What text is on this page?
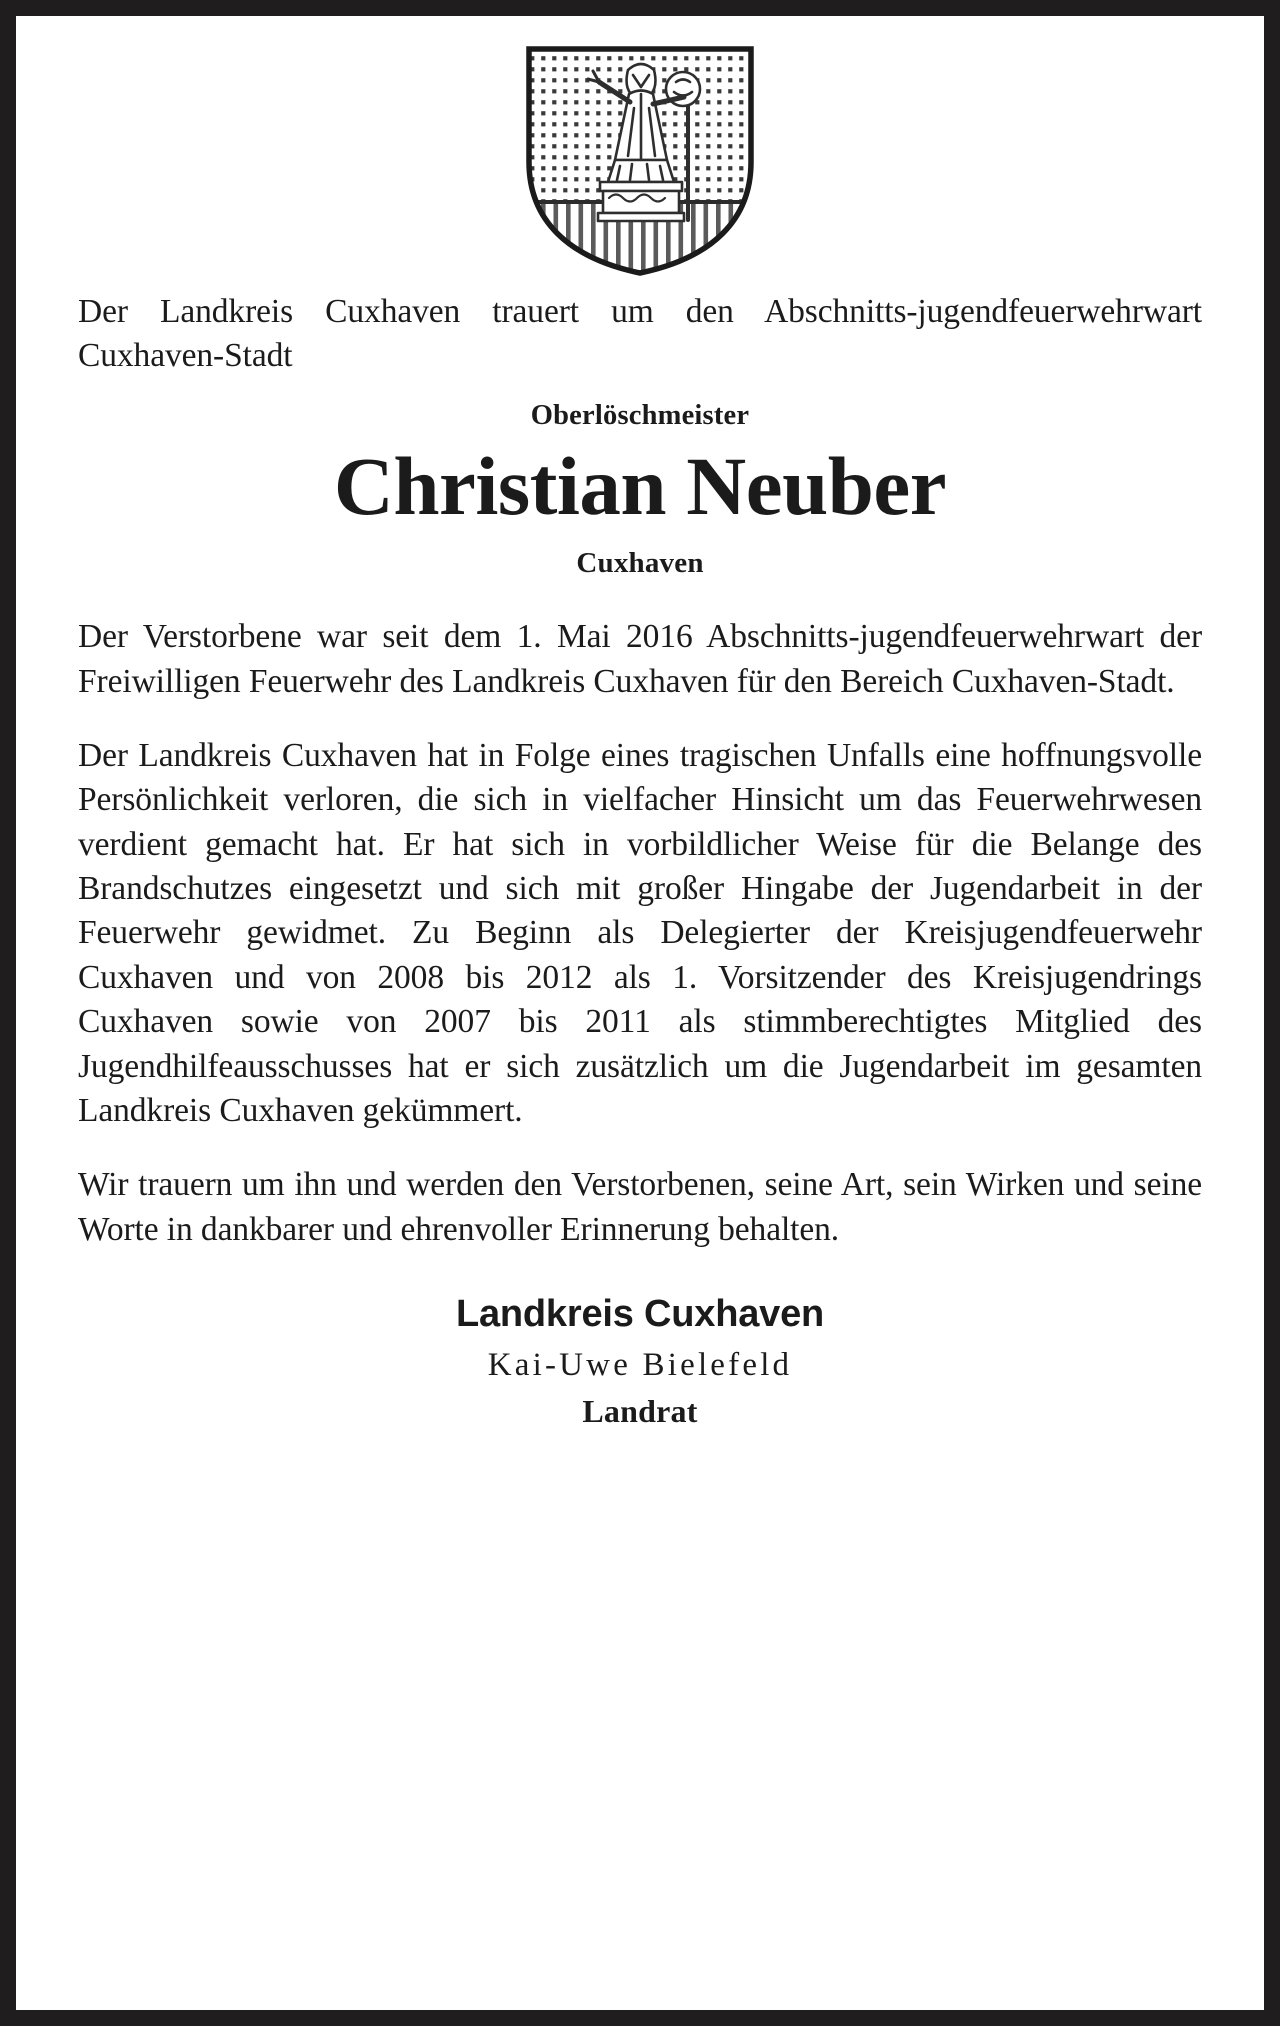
Der Landkreis Cuxhaven trauert um den Abschnitts-jugendfeuerwehrwart Cuxhaven-Stadt

Oberlöschmeister
Christian Neuber
Cuxhaven

Der Verstorbene war seit dem 1. Mai 2016 Abschnitts-jugendfeuerwehrwart der Freiwilligen Feuerwehr des Landkreis Cuxhaven für den Bereich Cuxhaven-Stadt.

Der Landkreis Cuxhaven hat in Folge eines tragischen Unfalls eine hoffnungsvolle Persönlichkeit verloren, die sich in vielfacher Hinsicht um das Feuerwehrwesen verdient gemacht hat. Er hat sich in vorbildlicher Weise für die Belange des Brandschutzes eingesetzt und sich mit großer Hingabe der Jugendarbeit in der Feuerwehr gewidmet. Zu Beginn als Delegierter der Kreisjugendfeuerwehr Cuxhaven und von 2008 bis 2012 als 1. Vorsitzender des Kreisjugendrings Cuxhaven sowie von 2007 bis 2011 als stimmberechtigtes Mitglied des Jugendhilfeausschusses hat er sich zusätzlich um die Jugendarbeit im gesamten Landkreis Cuxhaven gekümmert.

Wir trauern um ihn und werden den Verstorbenen, seine Art, sein Wirken und seine Worte in dankbarer und ehrenvoller Erinnerung behalten.

Landkreis Cuxhaven
Kai-Uwe Bielefeld
Landrat
